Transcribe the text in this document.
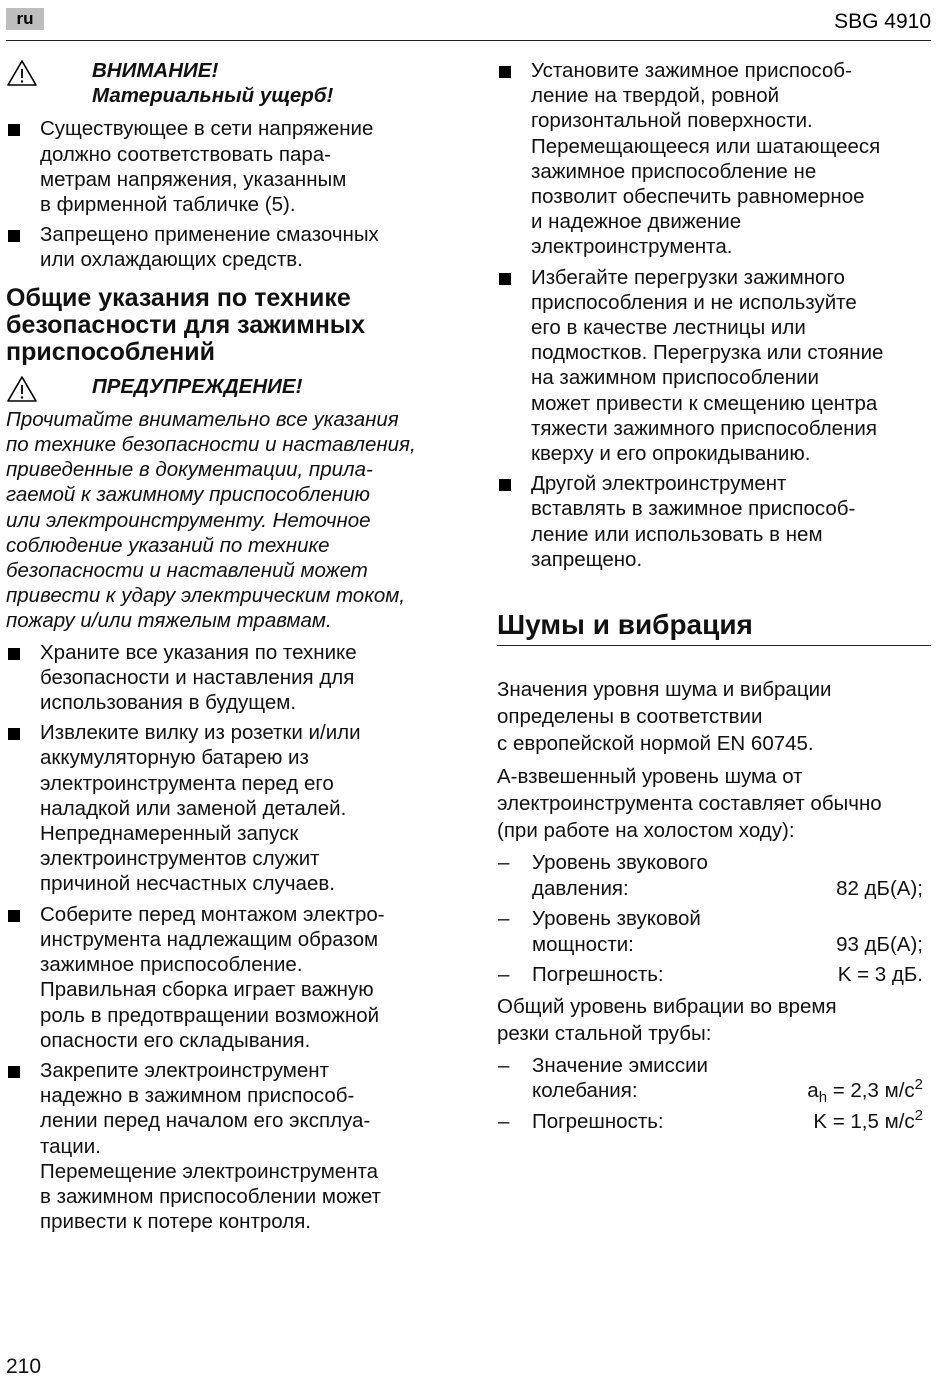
ru	SBG 4910
ВНИМАНИЕ!
Материальный ущерб!
Существующее в сети напряжение
должно соответствовать пара-
метрам напряжения, указанным
в фирменной табличке (5).
Запрещено применение смазочных
или охлаждающих средств.
Общие указания по технике
безопасности для зажимных
приспособлений
ПРЕДУПРЕЖДЕНИЕ!
Прочитайте внимательно все указания
по технике безопасности и наставления,
приведенные в документации, прила-
гаемой к зажимному приспособлению
или электроинструменту. Неточное
соблюдение указаний по технике
безопасности и наставлений может
привести к удару электрическим током,
пожару и/или тяжелым травмам.
Храните все указания по технике
безопасности и наставления для
использования в будущем.
Извлеките вилку из розетки и/или
аккумуляторную батарею из
электроинструмента перед его
наладкой или заменой деталей.
Непреднамеренный запуск
электроинструментов служит
причиной несчастных случаев.
Соберите перед монтажом электро-
инструмента надлежащим образом
зажимное приспособление.
Правильная сборка играет важную
роль в предотвращении возможной
опасности его складывания.
Закрепите электроинструмент
надежно в зажимном приспособ-
лении перед началом его эксплуа-
тации.
Перемещение электроинструмента
в зажимном приспособлении может
привести к потере контроля.
Установите зажимное приспособ-
ление на твердой, ровной
горизонтальной поверхности.
Перемещающееся или шатающееся
зажимное приспособление не
позволит обеспечить равномерное
и надежное движение
электроинструмента.
Избегайте перегрузки зажимного
приспособления и не используйте
его в качестве лестницы или
подмостков. Перегрузка или стояние
на зажимном приспособлении
может привести к смещению центра
тяжести зажимного приспособления
кверху и его опрокидыванию.
Другой электроинструмент
вставлять в зажимное приспособ-
ление или использовать в нем
запрещено.
Шумы и вибрация
Значения уровня шума и вибрации
определены в соответствии
с европейской нормой EN 60745.
А-взвешенный уровень шума от
электроинструмента составляет обычно
(при работе на холостом ходу):
– Уровень звукового
давления:	82 дБ(A);
– Уровень звуковой
мощности:	93 дБ(A);
– Погрешность:	K = 3 дБ.
Общий уровень вибрации во время
резки стальной трубы:
– Значение эмиссии
колебания:	$a_h = 2,3$ $м/с^2$
– Погрешность:	K = 1,5 $м/с^2$
210
